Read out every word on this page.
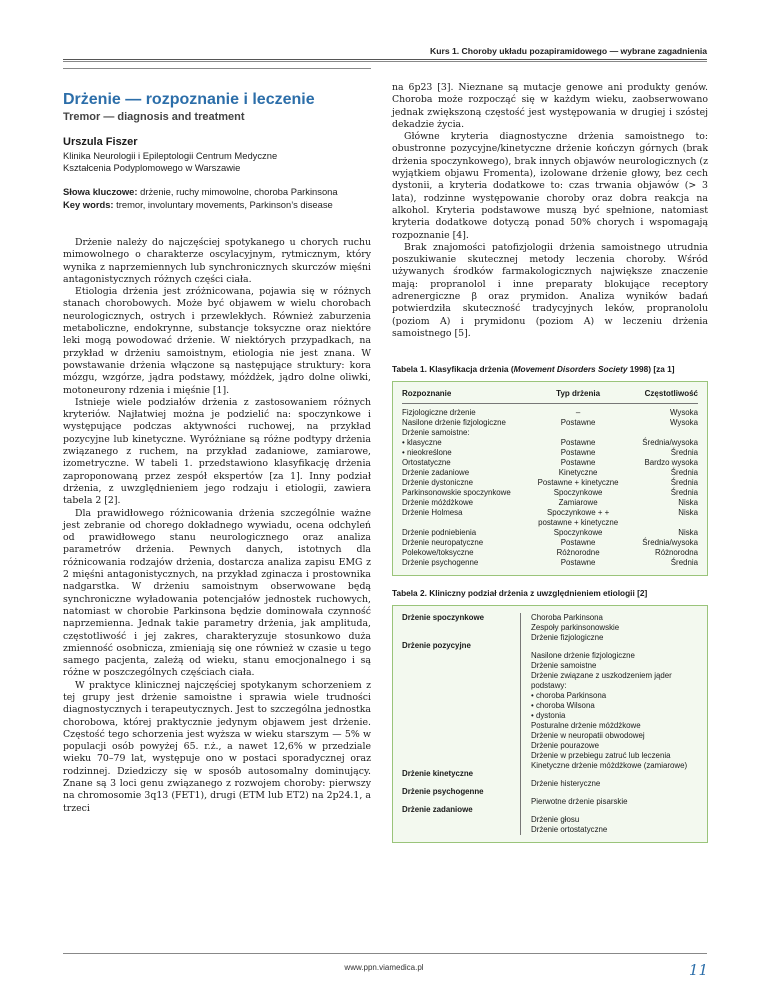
Kurs 1. Choroby układu pozapiramidowego — wybrane zagadnienia
Drżenie — rozpoznanie i leczenie
Tremor — diagnosis and treatment
Urszula Fiszer
Klinika Neurologii i Epileptologii Centrum Medyczne
Kształcenia Podyplomowego w Warszawie
Słowa kluczowe: drżenie, ruchy mimowolne, choroba Parkinsona
Key words: tremor, involuntary movements, Parkinson’s disease

Drżenie należy do najczęściej spotykanego u chorych ruchu mimowolnego o charakterze oscylacyjnym, rytmicznym, który wynika z naprzemiennych lub synchronicznych skurczów mięśni antagonistycznych różnych części ciała.

Etiologia drżenia jest zróżnicowana, pojawia się w różnych stanach chorobowych. Może być objawem w wielu chorobach neurologicznych, ostrych i przewlekłych. Również zaburzenia metaboliczne, endokrynne, substancje toksyczne oraz niektóre leki mogą powodować drżenie. W niektórych przypadkach, na przykład w drżeniu samoistnym, etiologia nie jest znana. W powstawanie drżenia włączone są następujące struktury: kora mózgu, wzgórze, jądra podstawy, móżdżek, jądro dolne oliwki, motoneurony rdzenia i mięśnie [1].

Istnieje wiele podziałów drżenia z zastosowaniem różnych kryteriów. Najłatwiej można je podzielić na: spoczynkowe i występujące podczas aktywności ruchowej, na przykład pozycyjne lub kinetyczne. Wyróżniane są różne podtypy drżenia związanego z ruchem, na przykład zadaniowe, zamiarowe, izometryczne. W tabeli 1. przedstawiono klasyfikację drżenia zaproponowaną przez zespół ekspertów [za 1]. Inny podział drżenia, z uwzględnieniem jego rodzaju i etiologii, zawiera tabela 2 [2].

Dla prawidłowego różnicowania drżenia szczególnie ważne jest zebranie od chorego dokładnego wywiadu, ocena odchyleń od prawidłowego stanu neurologicznego oraz analiza parametrów drżenia. Pewnych danych, istotnych dla różnicowania rodzajów drżenia, dostarcza analiza zapisu EMG z 2 mięśni antagonistycznych, na przykład zginacza i prostownika nadgarstka. W drżeniu samoistnym obserwowane będą synchroniczne wyładowania potencjałów jednostek ruchowych, natomiast w chorobie Parkinsona będzie dominowała czynność naprzemienna. Jednak takie parametry drżenia, jak amplituda, częstotliwość i jej zakres, charakteryzuje stosunkowo duża zmienność osobnicza, zmieniają się one również w czasie u tego samego pacjenta, zależą od wieku, stanu emocjonalnego i są różne w poszczególnych częściach ciała.

W praktyce klinicznej najczęściej spotykanym schorzeniem z tej grupy jest drżenie samoistne i sprawia wiele trudności diagnostycznych i terapeutycznych. Jest to szczególna jednostka chorobowa, której praktycznie jedynym objawem jest drżenie. Częstość tego schorzenia jest wyższa w wieku starszym — 5% w populacji osób powyżej 65. r.ż., a nawet 12,6% w przedziale wieku 70–79 lat, występuje ono w postaci sporadycznej oraz rodzinnej. Dziedziczy się w sposób autosomalny dominujący. Znane są 3 loci genu związanego z rozwojem choroby: pierwszy na chromosomie 3q13 (FET1), drugi (ETM lub ET2) na 2p24.1, a trzeci

na 6p23 [3]. Nieznane są mutacje genowe ani produkty genów. Choroba może rozpocząć się w każdym wieku, zaobserwowano jednak zwiększoną częstość jest występowania w drugiej i szóstej dekadzie życia.

Główne kryteria diagnostyczne drżenia samoistnego to: obustronne pozycyjne/kinetyczne drżenie kończyn górnych (brak drżenia spoczynkowego), brak innych objawów neurologicznych (z wyjątkiem objawu Fromenta), izolowane drżenie głowy, bez cech dystonii, a kryteria dodatkowe to: czas trwania objawów (> 3 lata), rodzinne występowanie choroby oraz dobra reakcja na alkohol. Kryteria podstawowe muszą być spełnione, natomiast kryteria dodatkowe dotyczą ponad 50% chorych i wspomagają rozpoznanie [4].

Brak znajomości patofizjologii drżenia samoistnego utrudnia poszukiwanie skutecznej metody leczenia choroby. Wśród używanych środków farmakologicznych największe znaczenie mają: propranolol i inne preparaty blokujące receptory adrenergiczne β oraz prymidon. Analiza wyników badań potwierdziła skuteczność tradycyjnych leków, propranololu (poziom A) i prymidonu (poziom A) w leczeniu drżenia samoistnego [5].

Tabela 1. Klasyfikacja drżenia (Movement Disorders Society 1998) [za 1]

Rozpoznanie	Typ drżenia	Częstotliwość

Fizjologiczne drżenie	–	Wysoka
Nasilone drżenie fizjologiczne	Postawne	Wysoka
Drżenie samoistne:		
• klasyczne	Postawne	Średnia/wysoka
• nieokreślone	Postawne	Średnia
Ortostatyczne	Postawne	Bardzo wysoka
Drżenie zadaniowe	Kinetyczne	Średnia
Drżenie dystoniczne	Postawne + kinetyczne	Średnia
Parkinsonowskie spoczynkowe	Spoczynkowe	Średnia
Drżenie móżdżkowe	Zamiarowe	Niska
Drżenie Holmesa	Spoczynkowe + + postawne + kinetyczne	Niska
Drżenie podniebienia	Spoczynkowe	Niska
Drżenie neuropatyczne	Postawne	Średnia/wysoka
Polekowe/toksyczne	Różnorodne	Różnorodna
Drżenie psychogenne	Postawne	Średnia

Tabela 2. Kliniczny podział drżenia z uwzględnieniem etiologii [2]

Drżenie spoczynkowe	Choroba Parkinsona
	Zespoły parkinsonowskie
Drżenie pozycyjne	Drżenie fizjologiczne
	Nasilone drżenie fizjologiczne
	Drżenie samoistne
	Drżenie związane z uszkodzeniem jąder podstawy:
	• choroba Parkinsona
	• choroba Wilsona
	• dystonia
	Posturalne drżenie móżdżkowe
	Drżenie w neuropatii obwodowej
	Drżenie pourazowe
	Drżenie w przebiegu zatruć lub leczenia
Drżenie kinetyczne	Kinetyczne drżenie móżdżkowe (zamiarowe)
Drżenie psychogenne	Drżenie histeryczne
Drżenie zadaniowe	Pierwotne drżenie pisarskie
	Drżenie głosu
	Drżenie ortostatyczne
www.ppn.viamedica.pl	11
